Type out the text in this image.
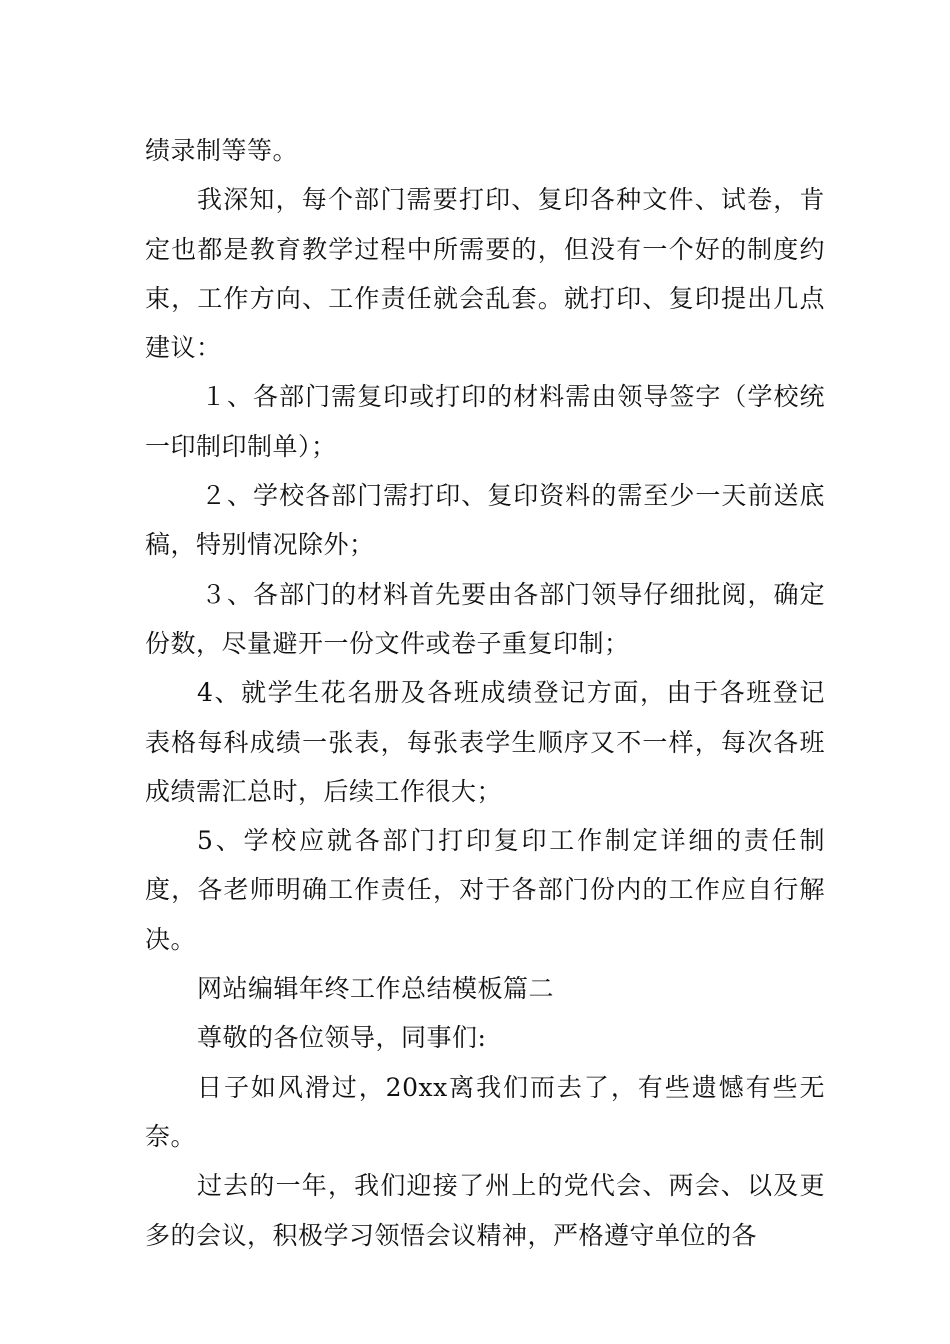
绩录制等等。

我深知，每个部门需要打印、复印各种文件、试卷，肯定也都是教育教学过程中所需要的，但没有一个好的制度约束，工作方向、工作责任就会乱套。就打印、复印提出几点建议：

１、各部门需复印或打印的材料需由领导签字（学校统一印制印制单）；

２、学校各部门需打印、复印资料的需至少一天前送底稿，特别情况除外；

３、各部门的材料首先要由各部门领导仔细批阅，确定份数，尽量避开一份文件或卷子重复印制；

4、就学生花名册及各班成绩登记方面，由于各班登记表格每科成绩一张表，每张表学生顺序又不一样，每次各班成绩需汇总时，后续工作很大；

5、学校应就各部门打印复印工作制定详细的责任制度，各老师明确工作责任，对于各部门份内的工作应自行解决。

网站编辑年终工作总结模板篇二

尊敬的各位领导，同事们:

日子如风滑过，20xx离我们而去了，有些遗憾有些无奈。

过去的一年，我们迎接了州上的党代会、两会、以及更多的会议，积极学习领悟会议精神，严格遵守单位的各
